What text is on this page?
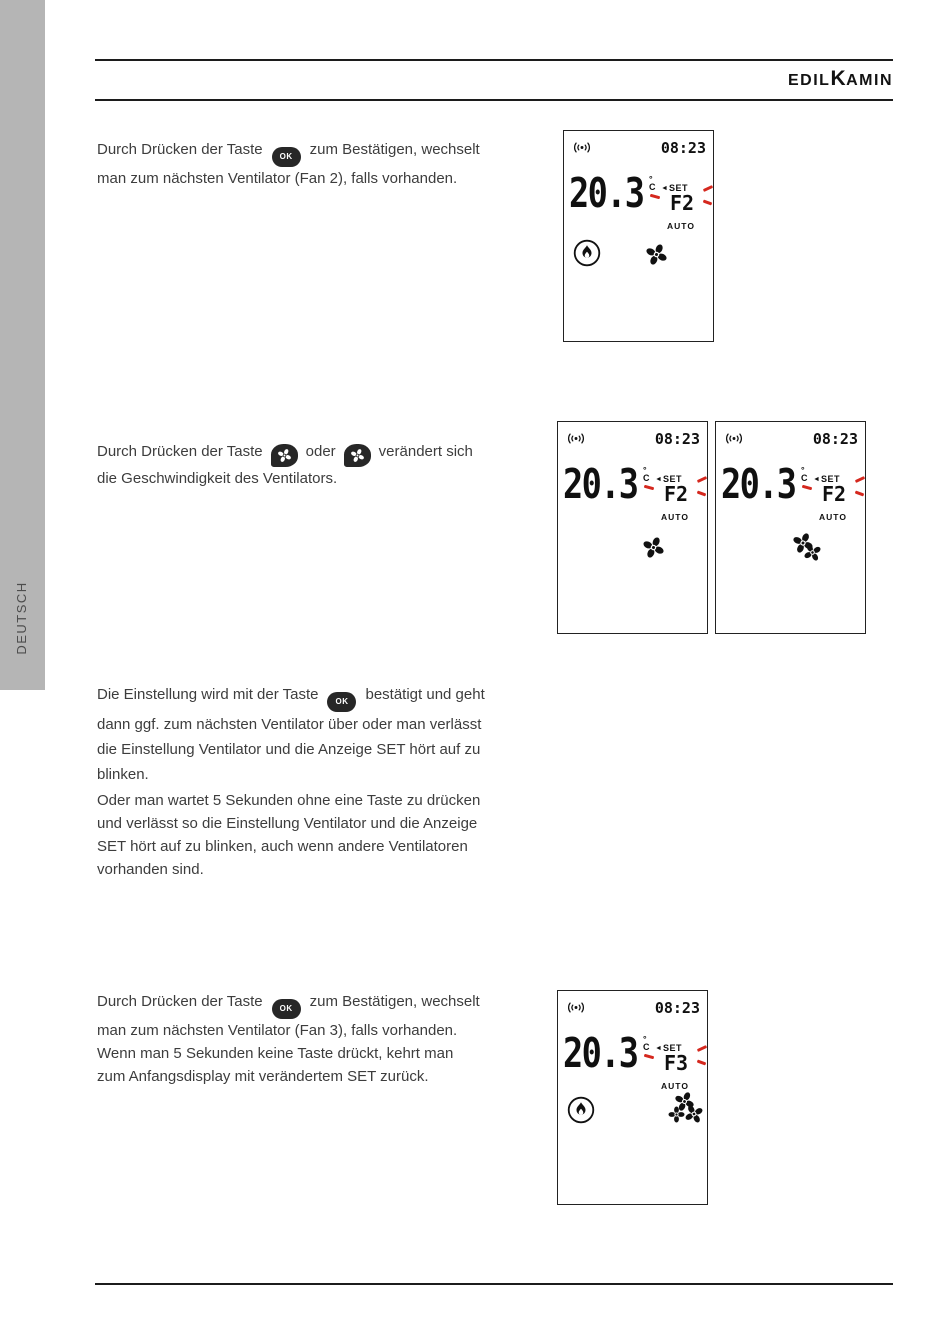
DEUTSCH
EDILKAMIN
Durch Drücken der Taste OK zum Bestätigen, wechselt man zum nächsten Ventilator (Fan 2), falls vorhanden.
Durch Drücken der Taste	oder	verändert sich die Geschwindigkeit des Ventilators.
Die Einstellung wird mit der Taste OK bestätigt und geht dann ggf. zum nächsten Ventilator über oder man verlässt die Einstellung Ventilator und die Anzeige SET hört auf zu blinken.
Oder man wartet 5 Sekunden ohne eine Taste zu drücken und verlässt so die Einstellung Ventilator und die Anzeige SET hört auf zu blinken, auch wenn andere Ventilatoren vorhanden sind.
Durch Drücken der Taste OK zum Bestätigen, wechselt man zum nächsten Ventilator (Fan 3), falls vorhanden. Wenn man 5 Sekunden keine Taste drückt, kehrt man zum Anfangsdisplay mit verändertem SET zurück.
08:23
20.3 °C ◄ SET
F2
AUTO
08:23
20.3 °C ◄ SET
F2
AUTO
08:23
20.3 °C ◄ SET
F2
AUTO
08:23
20.3 °C ◄ SET
F3
AUTO
